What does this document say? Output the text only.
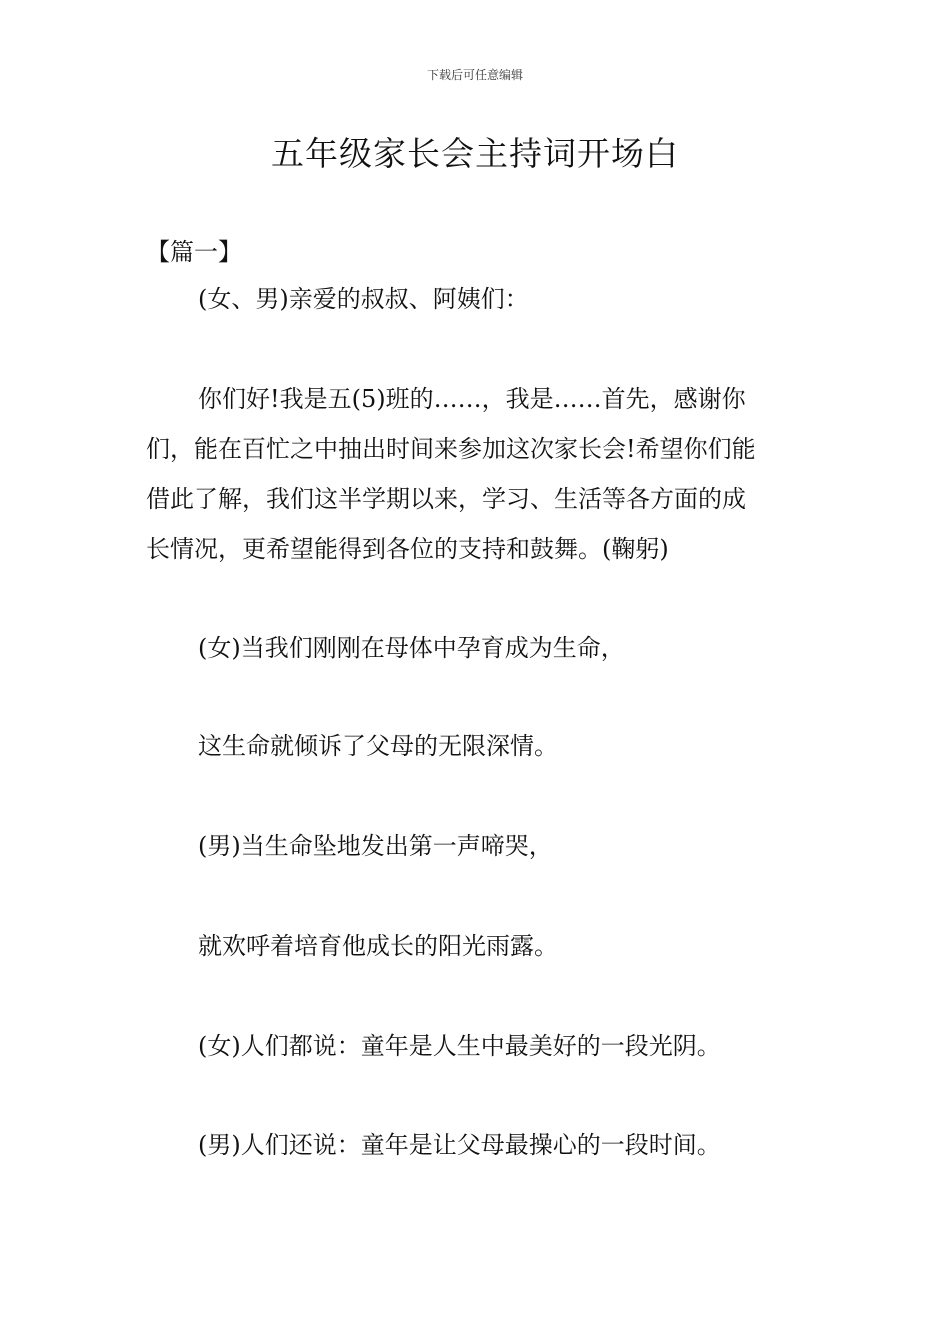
下载后可任意编辑
五年级家长会主持词开场白
【篇一】
(女、男)亲爱的叔叔、阿姨们：
你们好!我是五(5)班的……，我是……首先，感谢你
们，能在百忙之中抽出时间来参加这次家长会!希望你们能
借此了解，我们这半学期以来，学习、生活等各方面的成
长情况，更希望能得到各位的支持和鼓舞。(鞠躬)
(女)当我们刚刚在母体中孕育成为生命，
这生命就倾诉了父母的无限深情。
(男)当生命坠地发出第一声啼哭，
就欢呼着培育他成长的阳光雨露。
(女)人们都说：童年是人生中最美好的一段光阴。
(男)人们还说：童年是让父母最操心的一段时间。
